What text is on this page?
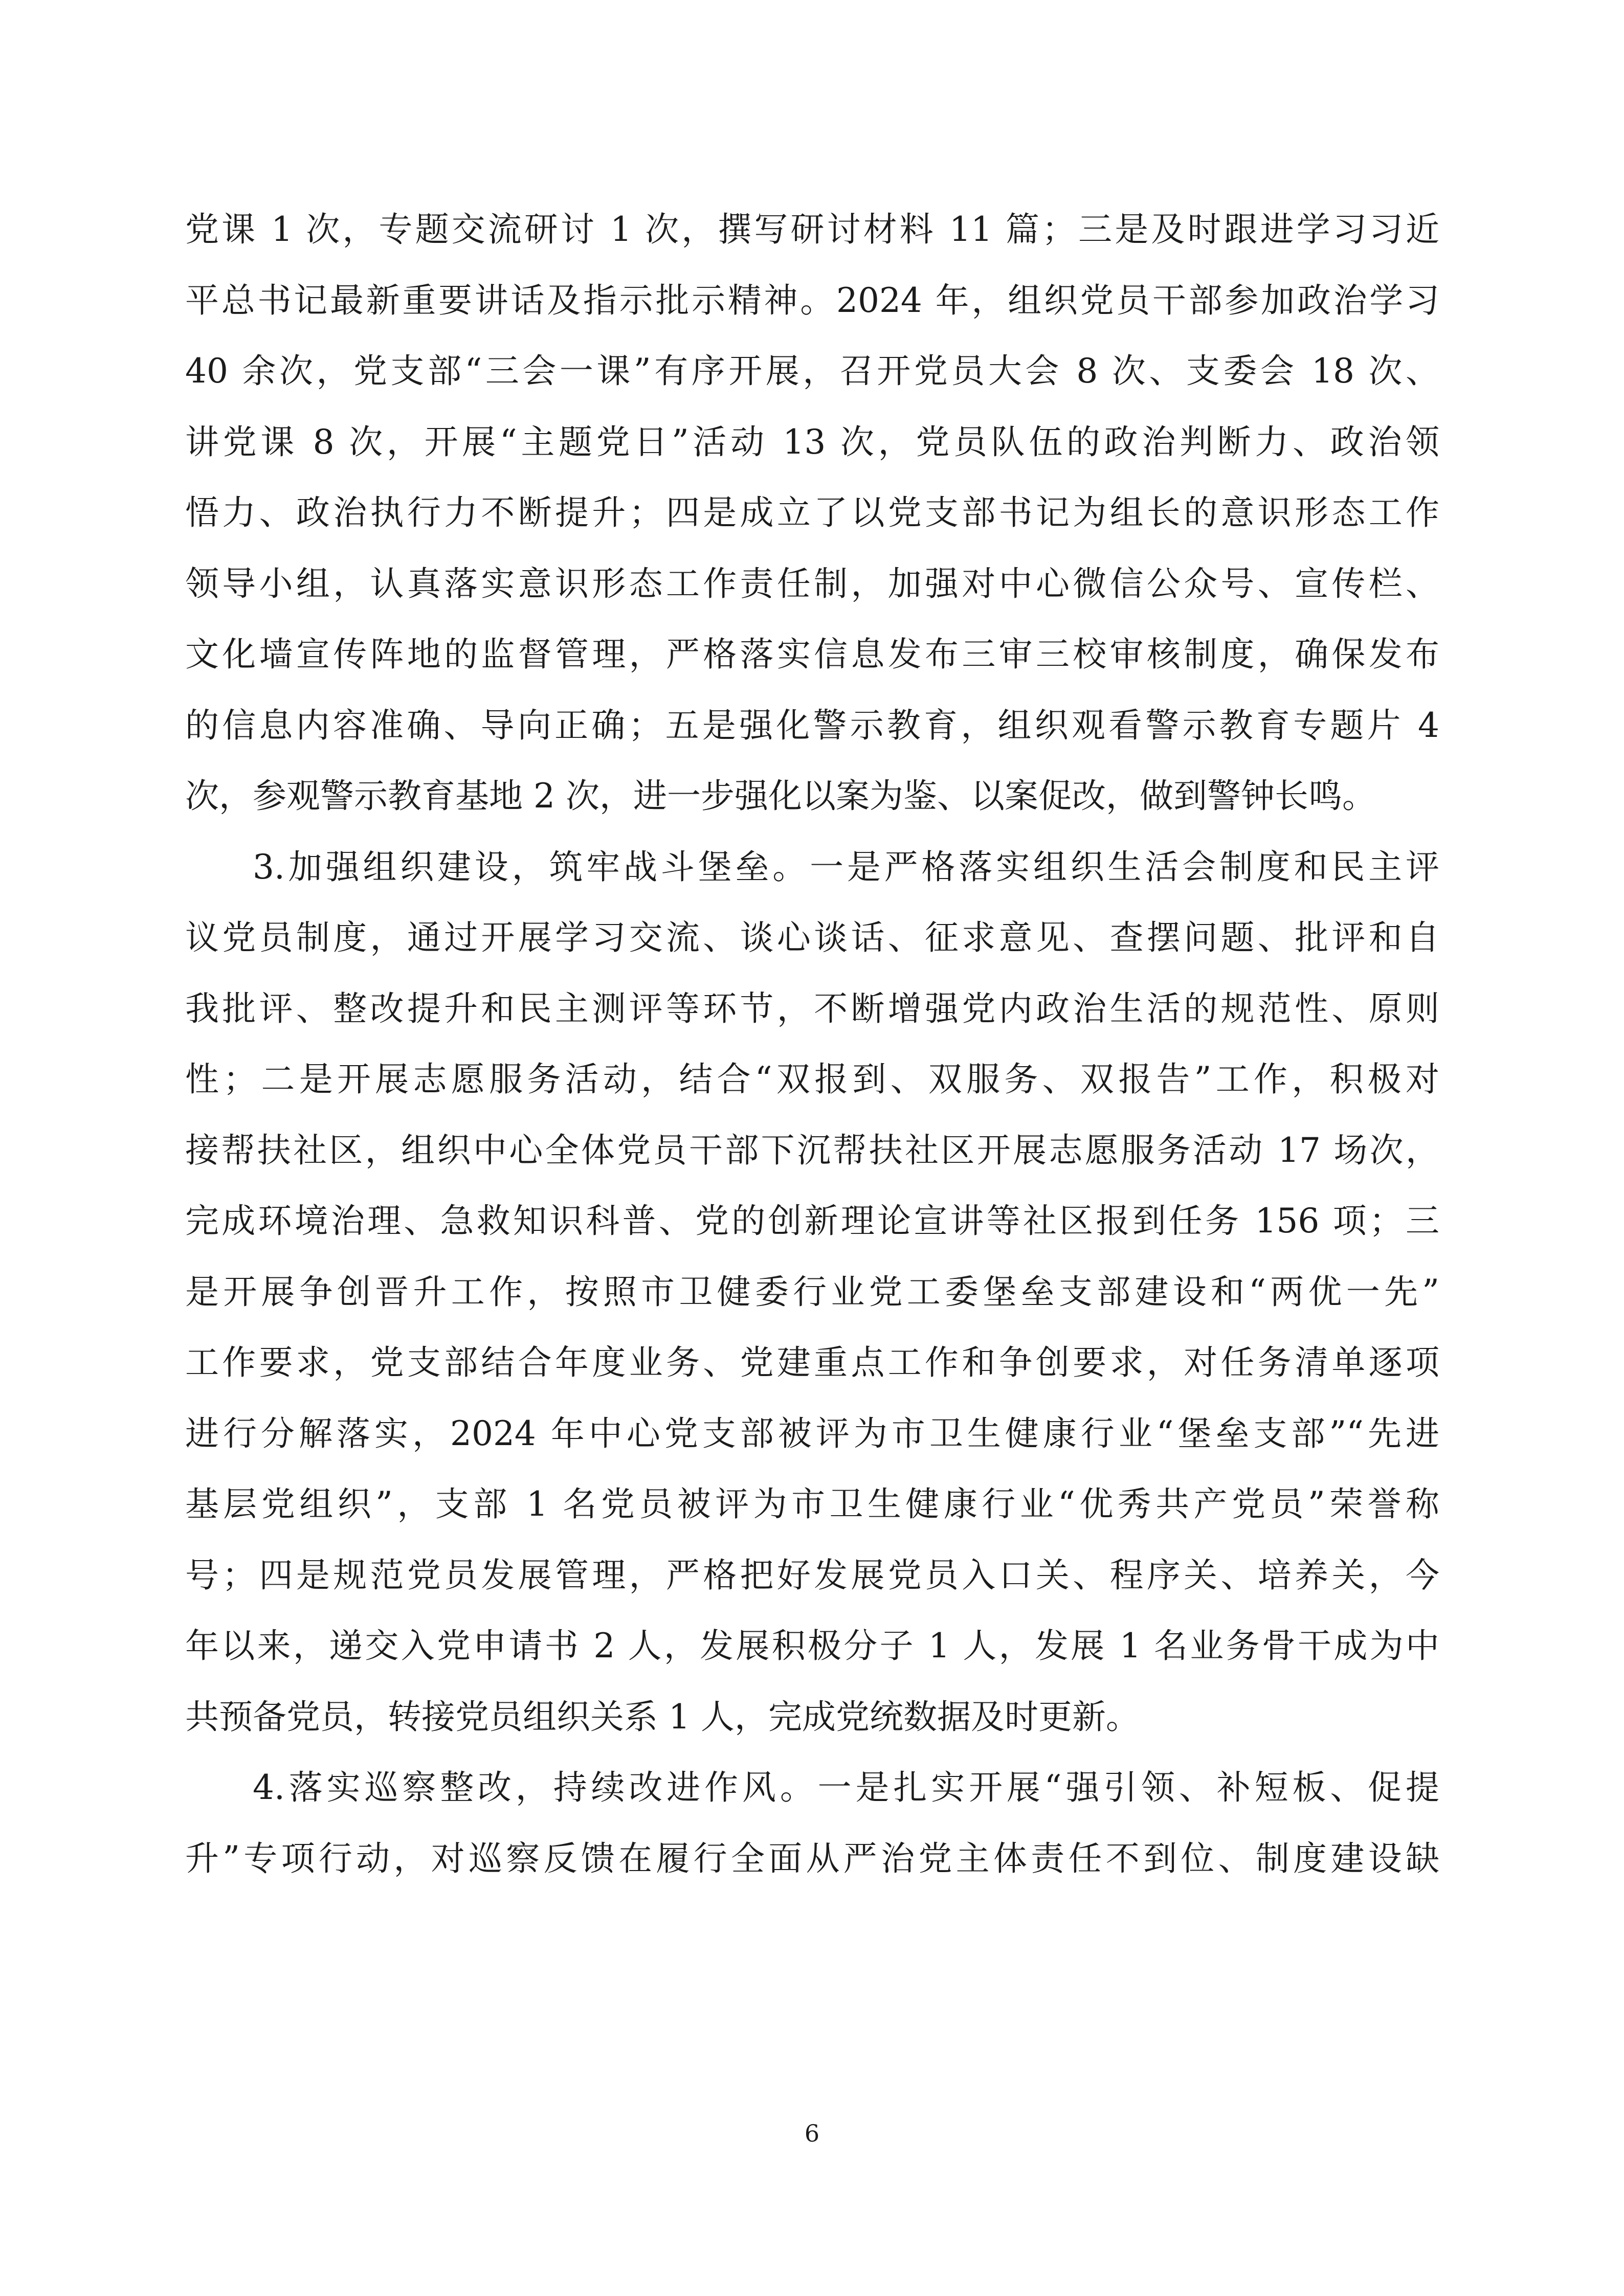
党课 1 次，专题交流研讨 1 次，撰写研讨材料 11 篇；三是及时跟进学习习近
平总书记最新重要讲话及指示批示精神。2024 年，组织党员干部参加政治学习
40 余次，党支部“三会一课”有序开展，召开党员大会 8 次、支委会 18 次、
讲党课 8 次，开展“主题党日”活动 13 次，党员队伍的政治判断力、政治领
悟力、政治执行力不断提升；四是成立了以党支部书记为组长的意识形态工作
领导小组，认真落实意识形态工作责任制，加强对中心微信公众号、宣传栏、
文化墙宣传阵地的监督管理，严格落实信息发布三审三校审核制度，确保发布
的信息内容准确、导向正确；五是强化警示教育，组织观看警示教育专题片 4
次，参观警示教育基地 2 次，进一步强化以案为鉴、以案促改，做到警钟长鸣。
3.加强组织建设，筑牢战斗堡垒。一是严格落实组织生活会制度和民主评
议党员制度，通过开展学习交流、谈心谈话、征求意见、查摆问题、批评和自
我批评、整改提升和民主测评等环节，不断增强党内政治生活的规范性、原则
性；二是开展志愿服务活动，结合“双报到、双服务、双报告”工作，积极对
接帮扶社区，组织中心全体党员干部下沉帮扶社区开展志愿服务活动 17 场次，
完成环境治理、急救知识科普、党的创新理论宣讲等社区报到任务 156 项；三
是开展争创晋升工作，按照市卫健委行业党工委堡垒支部建设和“两优一先”
工作要求，党支部结合年度业务、党建重点工作和争创要求，对任务清单逐项
进行分解落实，2024 年中心党支部被评为市卫生健康行业“堡垒支部”“先进
基层党组织”，支部 1 名党员被评为市卫生健康行业“优秀共产党员”荣誉称
号；四是规范党员发展管理，严格把好发展党员入口关、程序关、培养关，今
年以来，递交入党申请书 2 人，发展积极分子 1 人，发展 1 名业务骨干成为中
共预备党员，转接党员组织关系 1 人，完成党统数据及时更新。
4.落实巡察整改，持续改进作风。一是扎实开展“强引领、补短板、促提
升”专项行动，对巡察反馈在履行全面从严治党主体责任不到位、制度建设缺
6
